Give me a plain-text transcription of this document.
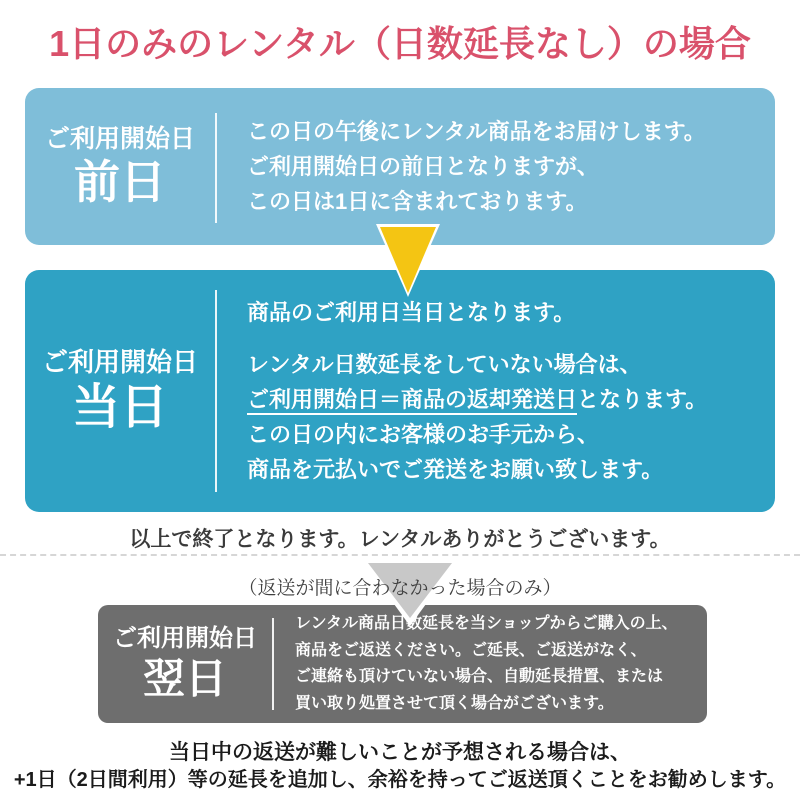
1日のみのレンタル（日数延長なし）の場合
ご利用開始日
前日
この日の午後にレンタル商品をお届けします。
ご利用開始日の前日となりますが、
この日は1日に含まれております。
ご利用開始日
当日
商品のご利用日当日となります。
レンタル日数延長をしていない場合は、
ご利用開始日＝商品の返却発送日となります。
この日の内にお客様のお手元から、
商品を元払いでご発送をお願い致します。
以上で終了となります。レンタルありがとうございます。
（返送が間に合わなかった場合のみ）
ご利用開始日
翌日
レンタル商品日数延長を当ショップからご購入の上、
商品をご返送ください。ご延長、ご返送がなく、
ご連絡も頂けていない場合、自動延長措置、または
買い取り処置させて頂く場合がございます。
当日中の返送が難しいことが予想される場合は、
+1日（2日間利用）等の延長を追加し、余裕を持ってご返送頂くことをお勧めします。
